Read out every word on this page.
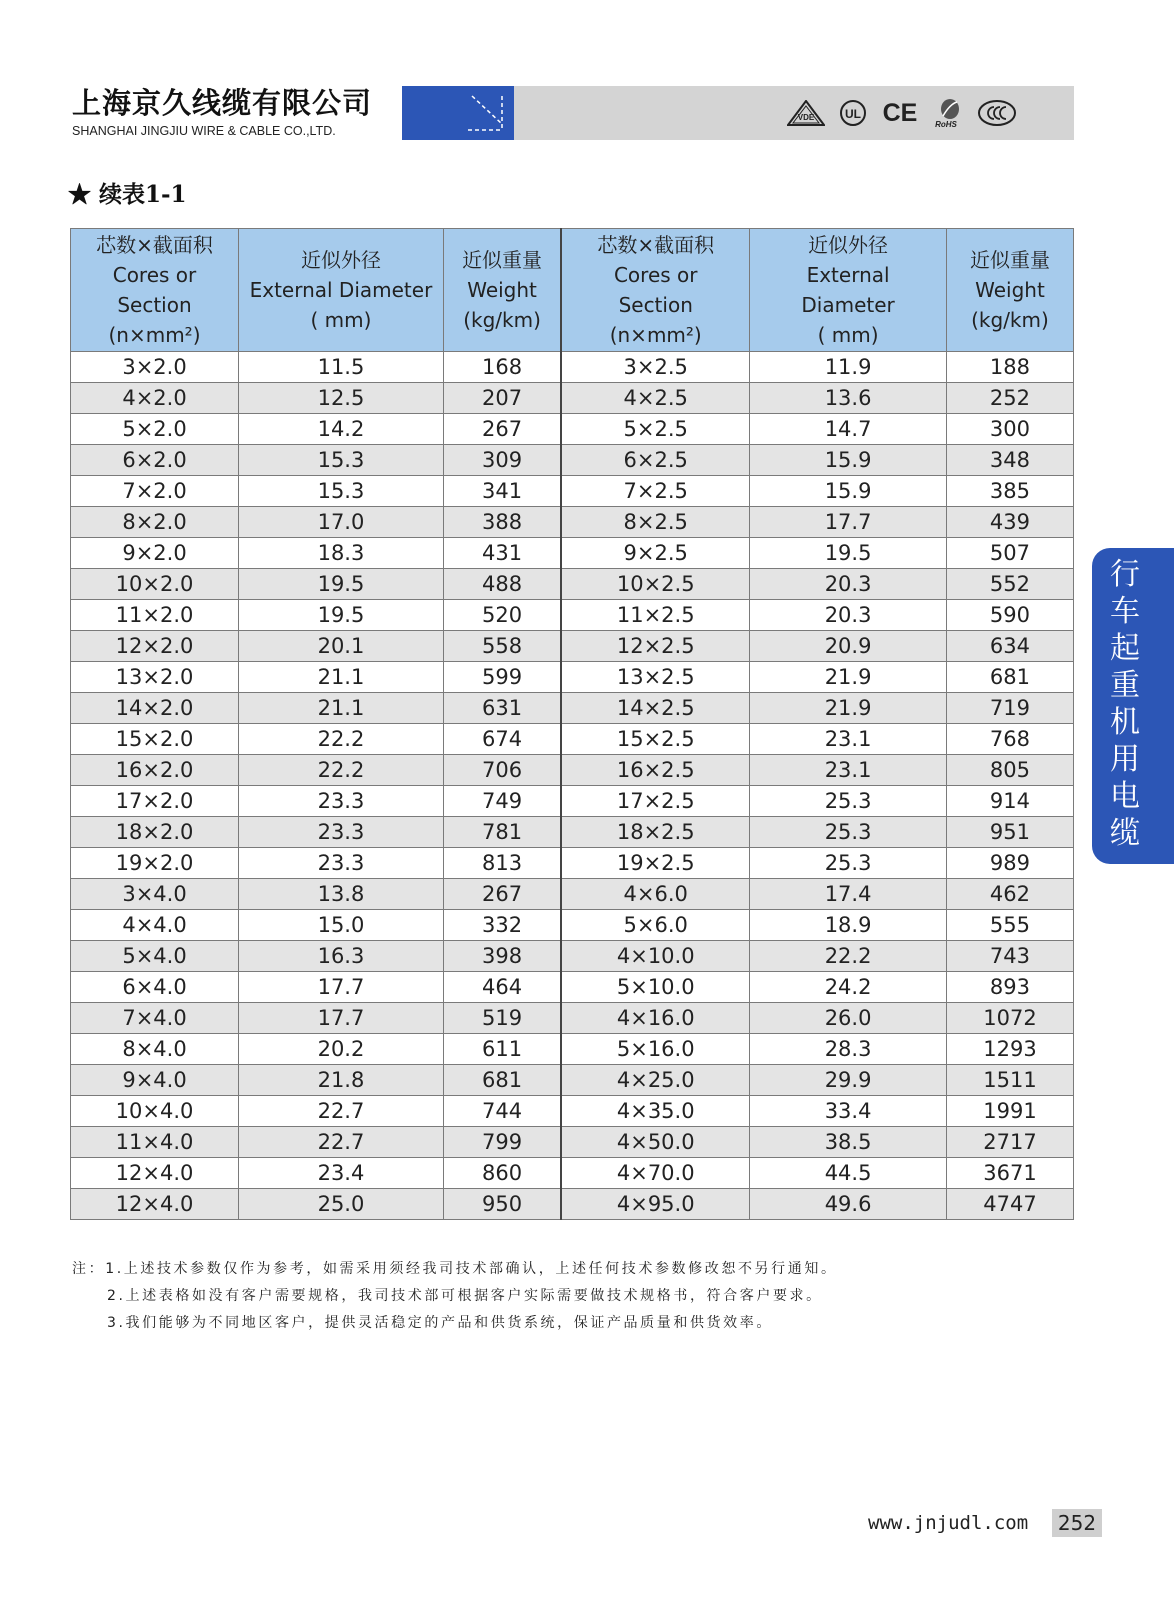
上海京久线缆有限公司
SHANGHAI JINGJIU WIRE & CABLE CO.,LTD.
VDE	UL CE	RoHS
★ 续表1-1
芯数×截面积
Cores or
Section
(n×mm²)	近似外径
External Diameter
( mm)	近似重量
Weight
(kg/km)	芯数×截面积
Cores or
Section
(n×mm²)	近似外径
External
Diameter
( mm)	近似重量
Weight
(kg/km)

3×2.0	11.5	168	3×2.5	11.9	188
4×2.0	12.5	207	4×2.5	13.6	252
5×2.0	14.2	267	5×2.5	14.7	300
6×2.0	15.3	309	6×2.5	15.9	348
7×2.0	15.3	341	7×2.5	15.9	385
8×2.0	17.0	388	8×2.5	17.7	439
9×2.0	18.3	431	9×2.5	19.5	507
10×2.0	19.5	488	10×2.5	20.3	552
11×2.0	19.5	520	11×2.5	20.3	590
12×2.0	20.1	558	12×2.5	20.9	634
13×2.0	21.1	599	13×2.5	21.9	681
14×2.0	21.1	631	14×2.5	21.9	719
15×2.0	22.2	674	15×2.5	23.1	768
16×2.0	22.2	706	16×2.5	23.1	805
17×2.0	23.3	749	17×2.5	25.3	914
18×2.0	23.3	781	18×2.5	25.3	951
19×2.0	23.3	813	19×2.5	25.3	989
3×4.0	13.8	267	4×6.0	17.4	462
4×4.0	15.0	332	5×6.0	18.9	555
5×4.0	16.3	398	4×10.0	22.2	743
6×4.0	17.7	464	5×10.0	24.2	893
7×4.0	17.7	519	4×16.0	26.0	1072
8×4.0	20.2	611	5×16.0	28.3	1293
9×4.0	21.8	681	4×25.0	29.9	1511
10×4.0	22.7	744	4×35.0	33.4	1991
11×4.0	22.7	799	4×50.0	38.5	2717
12×4.0	23.4	860	4×70.0	44.5	3671
12×4.0	25.0	950	4×95.0	49.6	4747
注：1.上述技术参数仅作为参考，如需采用须经我司技术部确认，上述任何技术参数修改恕不另行通知。
2.上述表格如没有客户需要规格，我司技术部可根据客户实际需要做技术规格书，符合客户要求。
3.我们能够为不同地区客户，提供灵活稳定的产品和供货系统，保证产品质量和供货效率。
行
车
起
重
机
用
电
缆
www.jnjudl.com 252
